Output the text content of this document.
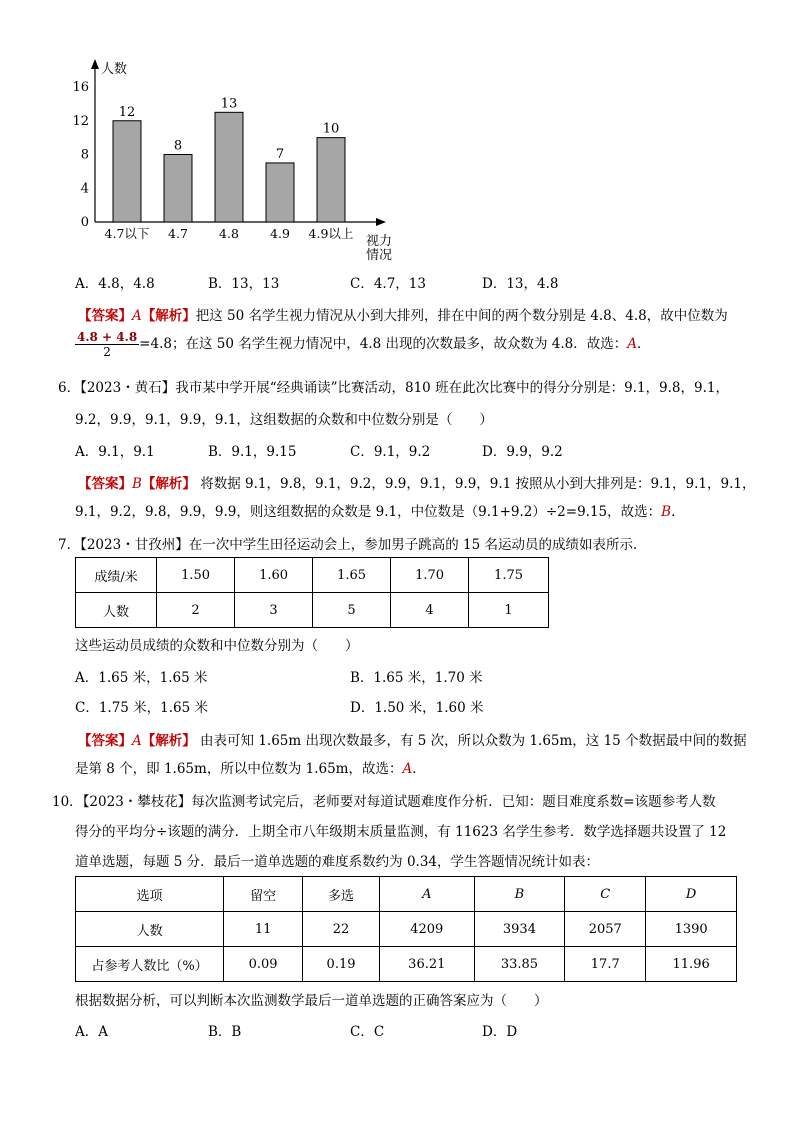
人数
视力
情况
0
4
8
12
16
12
4.7以下
8
4.7
13
4.8
7
4.9
10
4.9以上
A．4.8，4.8	B．13，13	C．4.7，13	D．13，4.8
【答案】A【解析】把这 50 名学生视力情况从小到大排列，排在中间的两个数分别是 4.8、4.8，故中位数为
$\frac{4.8 + 4.8}{2} =4.8$；在这 50 名学生视力情况中，4.8 出现的次数最多，故众数为 4.8．故选：A．
6．【2023・黄石】我市某中学开展“经典诵读”比赛活动，810 班在此次比赛中的得分分别是：9.1，9.8，9.1，
9.2，9.9，9.1，9.9，9.1，这组数据的众数和中位数分别是（　　）
A．9.1，9.1	B．9.1，9.15	C．9.1，9.2	D．9.9，9.2
【答案】B【解析】 将数据 9.1，9.8，9.1，9.2，9.9，9.1，9.9，9.1 按照从小到大排列是：9.1，9.1，9.1，
9.1，9.2，9.8，9.9，9.9，则这组数据的众数是 9.1，中位数是（9.1+9.2）÷2=9.15，故选：B．
7．【2023・甘孜州】在一次中学生田径运动会上，参加男子跳高的 15 名运动员的成绩如表所示．
成绩/米	1.50	1.60	1.65	1.70	1.75
人数	2	3	5	4	1
这些运动员成绩的众数和中位数分别为（　　）
A．1.65 米，1.65 米	B．1.65 米，1.70 米
C．1.75 米，1.65 米	D．1.50 米，1.60 米
【答案】A【解析】 由表可知 1.65m 出现次数最多，有 5 次，所以众数为 1.65m，这 15 个数据最中间的数据
是第 8 个，即 1.65m，所以中位数为 1.65m，故选：A．
10．【2023・攀枝花】每次监测考试完后，老师要对每道试题难度作分析．已知：题目难度系数=该题参考人数
得分的平均分÷该题的满分．上期全市八年级期末质量监测，有 11623 名学生参考．数学选择题共设置了 12
道单选题，每题 5 分．最后一道单选题的难度系数约为 0.34，学生答题情况统计如表：
选项	留空	多选	A	B	C	D
人数	11	22	4209	3934	2057	1390
占参考人数比（%）	0.09	0.19	36.21	33.85	17.7	11.96
根据数据分析，可以判断本次监测数学最后一道单选题的正确答案应为（　　）
A．A	B．B	C．C	D．D
